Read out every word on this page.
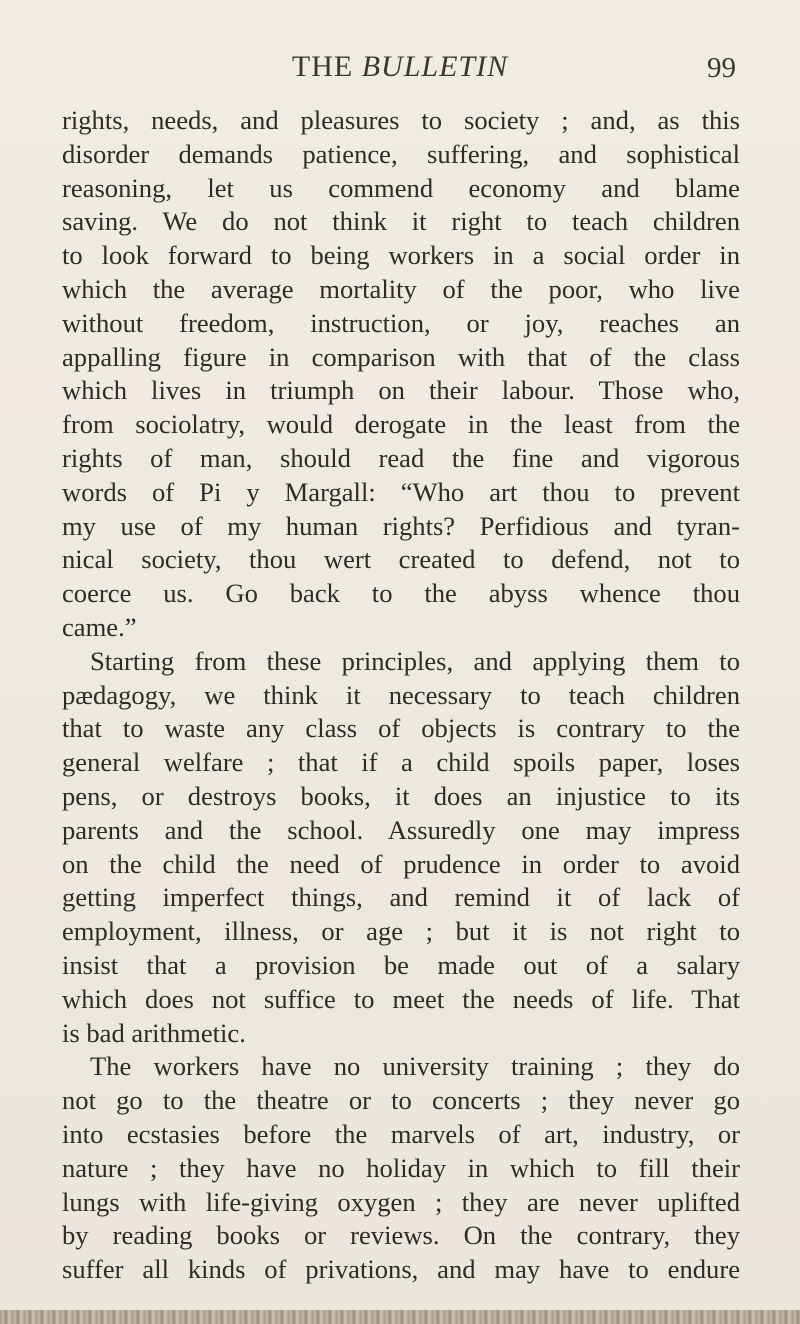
THE BULLETIN	99
rights, needs, and pleasures to society ; and, as this
disorder demands patience, suffering, and sophistical
reasoning, let us commend economy and blame
saving. We do not think it right to teach children
to look forward to being workers in a social order in
which the average mortality of the poor, who live
without freedom, instruction, or joy, reaches an
appalling figure in comparison with that of the class
which lives in triumph on their labour. Those who,
from sociolatry, would derogate in the least from the
rights of man, should read the fine and vigorous
words of Pi y Margall: “Who art thou to prevent
my use of my human rights? Perfidious and tyran-
nical society, thou wert created to defend, not to
coerce us. Go back to the abyss whence thou
came.”
Starting from these principles, and applying them to
pædagogy, we think it necessary to teach children
that to waste any class of objects is contrary to the
general welfare ; that if a child spoils paper, loses
pens, or destroys books, it does an injustice to its
parents and the school. Assuredly one may impress
on the child the need of prudence in order to avoid
getting imperfect things, and remind it of lack of
employment, illness, or age ; but it is not right to
insist that a provision be made out of a salary
which does not suffice to meet the needs of life. That
is bad arithmetic.
The workers have no university training ; they do
not go to the theatre or to concerts ; they never go
into ecstasies before the marvels of art, industry, or
nature ; they have no holiday in which to fill their
lungs with life-giving oxygen ; they are never uplifted
by reading books or reviews. On the contrary, they
suffer all kinds of privations, and may have to endure
